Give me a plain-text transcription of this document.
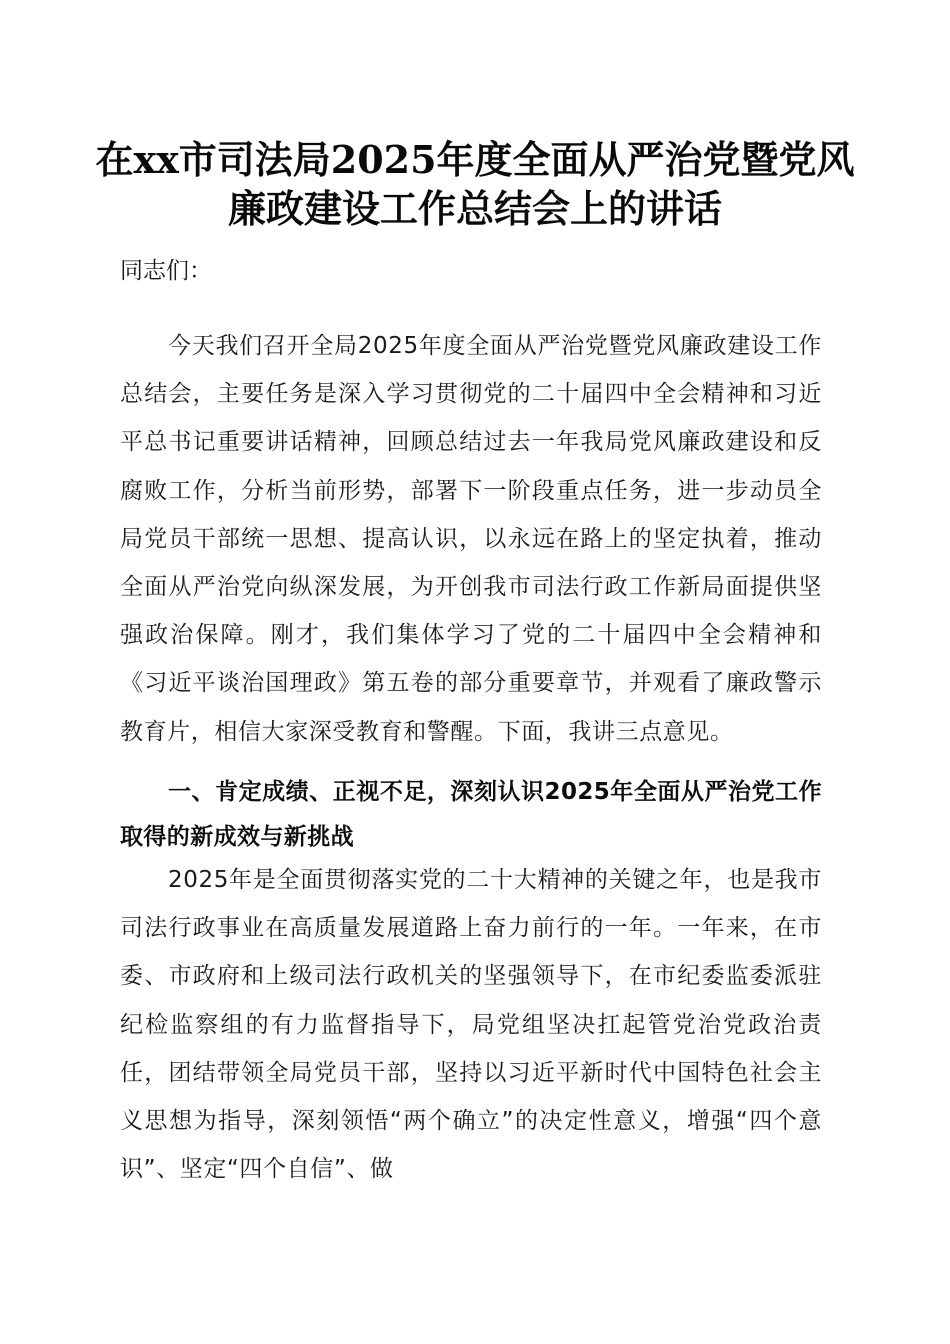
在xx市司法局2025年度全面从严治党暨党风
廉政建设工作总结会上的讲话
同志们：

今天我们召开全局2025年度全面从严治党暨党风廉政建设工作总结会，主要任务是深入学习贯彻党的二十届四中全会精神和习近平总书记重要讲话精神，回顾总结过去一年我局党风廉政建设和反腐败工作，分析当前形势，部署下一阶段重点任务，进一步动员全局党员干部统一思想、提高认识，以永远在路上的坚定执着，推动全面从严治党向纵深发展，为开创我市司法行政工作新局面提供坚强政治保障。刚才，我们集体学习了党的二十届四中全会精神和《习近平谈治国理政》第五卷的部分重要章节，并观看了廉政警示教育片，相信大家深受教育和警醒。下面，我讲三点意见。

一、肯定成绩、正视不足，深刻认识2025年全面从严治党工作取得的新成效与新挑战

2025年是全面贯彻落实党的二十大精神的关键之年，也是我市司法行政事业在高质量发展道路上奋力前行的一年。一年来，在市委、市政府和上级司法行政机关的坚强领导下，在市纪委监委派驻纪检监察组的有力监督指导下，局党组坚决扛起管党治党政治责任，团结带领全局党员干部，坚持以习近平新时代中国特色社会主义思想为指导，深刻领悟“两个确立”的决定性意义，增强“四个意识”、坚定“四个自信”、做
